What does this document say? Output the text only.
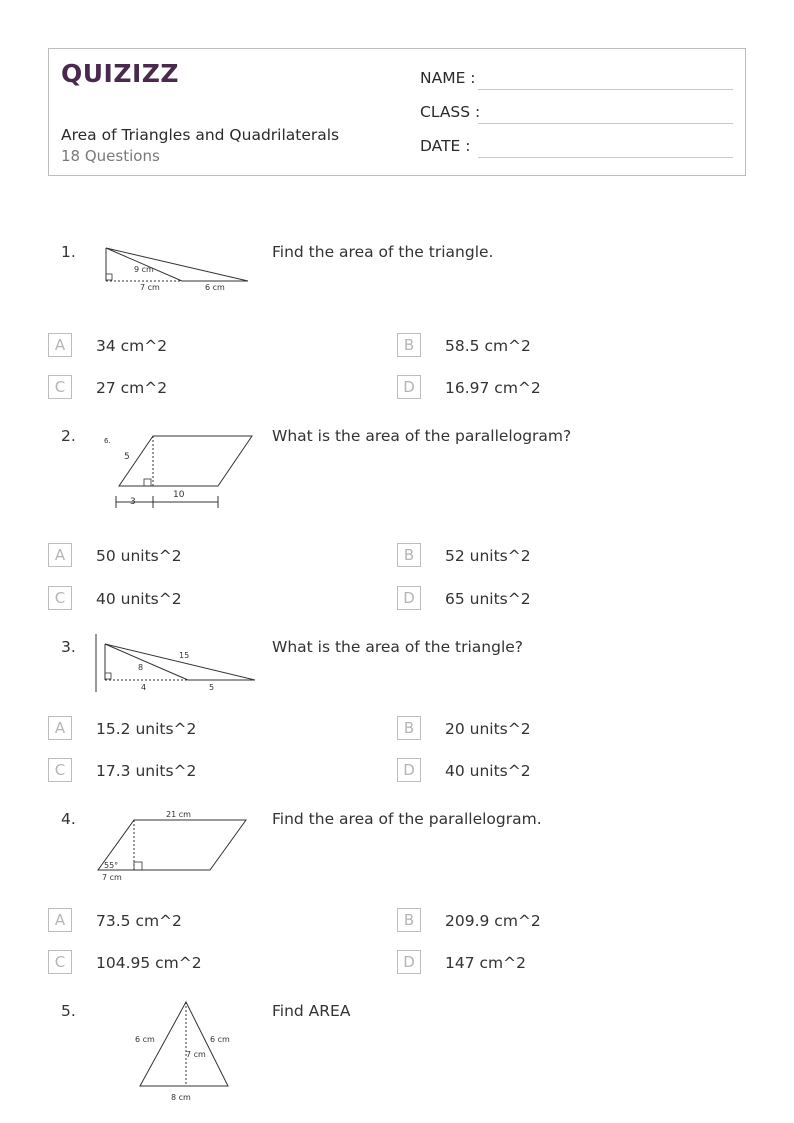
QUIZIZZ
Area of Triangles and Quadrilaterals
18 Questions
NAME :
CLASS :
DATE :
1.
9 cm
7 cm	6 cm
Find the area of the triangle.
A	34 cm^2	B	58.5 cm^2
C	27 cm^2	D	16.97 cm^2
2.	6.
5
10
3
What is the area of the parallelogram?
A	50 units^2	B	52 units^2
C	40 units^2	D	65 units^2
3.	15
8
4	5
What is the area of the triangle?
A	15.2 units^2	B	20 units^2
C	17.3 units^2	D	40 units^2
4.	21 cm
55°
7 cm
Find the area of the parallelogram.
A	73.5 cm^2	B	209.9 cm^2
C	104.95 cm^2	D	147 cm^2
5.
6 cm	6 cm
7 cm
8 cm
Find AREA
